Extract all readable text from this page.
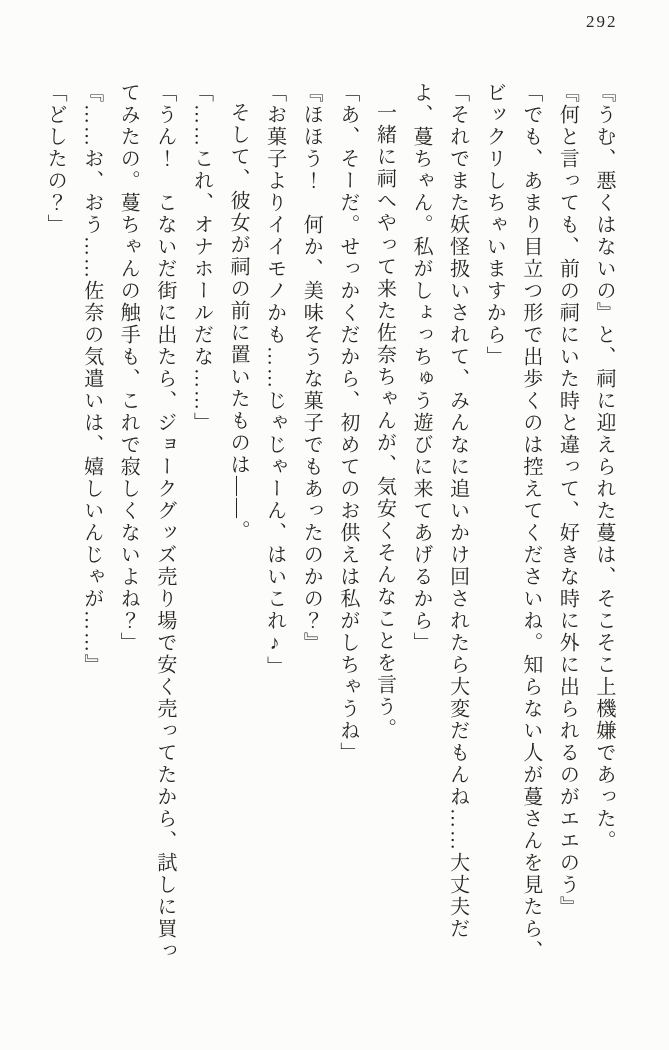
292

『うむ、悪くはないの』と、祠に迎えられた蔓は、そこそこ上機嫌であった。

『何と言っても、前の祠にいた時と違って、好きな時に外に出られるのがエエのう』

「でも、あまり目立つ形で出歩くのは控えてくださいね。知らない人が蔓さんを見たら、ビックリしちゃいますから」

「それでまた妖怪扱いされて、みんなに追いかけ回されたら大変だもんね……大丈夫だよ、蔓ちゃん。私がしょっちゅう遊びに来てあげるから」

一緒に祠へやって来た佐奈ちゃんが、気安くそんなことを言う。

「あ、そーだ。せっかくだから、初めてのお供えは私がしちゃうね」

『ほほう！　何か、美味そうな菓子でもあったのかの？』

「お菓子よりイイモノかも……じゃじゃーん、はいこれ♪」

そして、彼女が祠の前に置いたものは――。

「……これ、オナホールだな……」

「うん！　こないだ街に出たら、ジョークグッズ売り場で安く売ってたから、試しに買ってみたの。蔓ちゃんの触手も、これで寂しくないよね？」

『……お、おう……佐奈の気遣いは、嬉しいんじゃが……』

「どしたの？」
